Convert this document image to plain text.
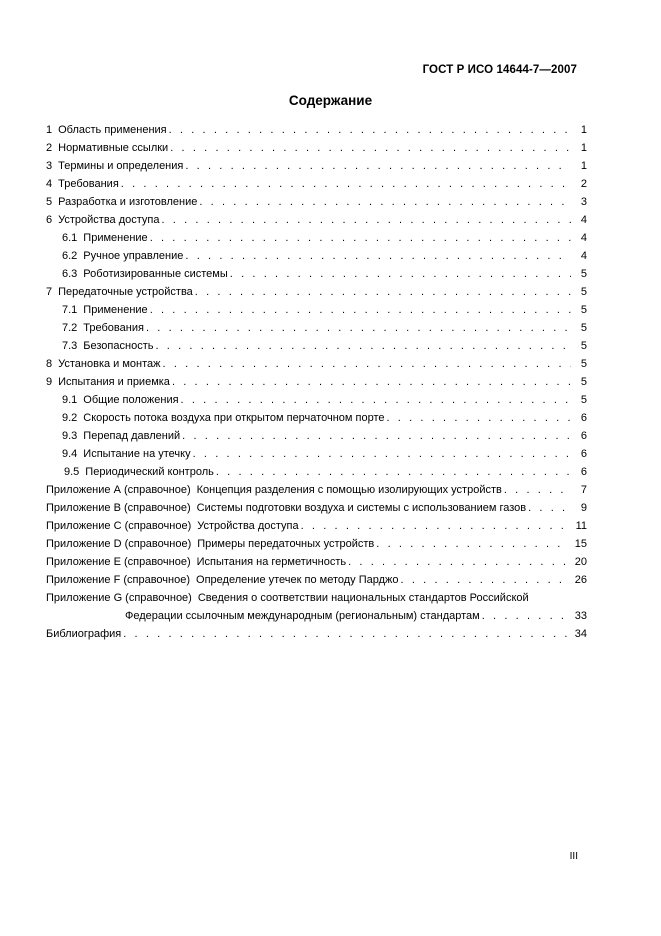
ГОСТ Р ИСО 14644-7—2007
Содержание
1 Область применения . . .	1
2 Нормативные ссылки . . .	1
3 Термины и определения . . .	1
4 Требования . . .	2
5 Разработка и изготовление . . .	3
6 Устройства доступа . . .	4
6.1 Применение . . .	4
6.2 Ручное управление . . .	4
6.3 Роботизированные системы . . .	5
7 Передаточные устройства . . .	5
7.1 Применение . . .	5
7.2 Требования . . .	5
7.3 Безопасность . . .	5
8 Установка и монтаж . . .	5
9 Испытания и приемка . . .	5
9.1 Общие положения . . .	5
9.2 Скорость потока воздуха при открытом перчаточном порте . . .	6
9.3 Перепад давлений . . .	6
9.4 Испытание на утечку . . .	6
9.5 Периодический контроль . . .	6
Приложение А (справочное) Концепция разделения с помощью изолирующих устройств . . .	7
Приложение В (справочное) Системы подготовки воздуха и системы с использованием газов . . .	9
Приложение С (справочное) Устройства доступа . . .	11
Приложение D (справочное) Примеры передаточных устройств . . .	15
Приложение Е (справочное) Испытания на герметичность . . .	20
Приложение F (справочное) Определение утечек по методу Парджо . . .	26
Приложение G (справочное) Сведения о соответствии национальных стандартов Российской
Федерации ссылочным международным (региональным) стандартам . . .	33
Библиография . . .	34
III
